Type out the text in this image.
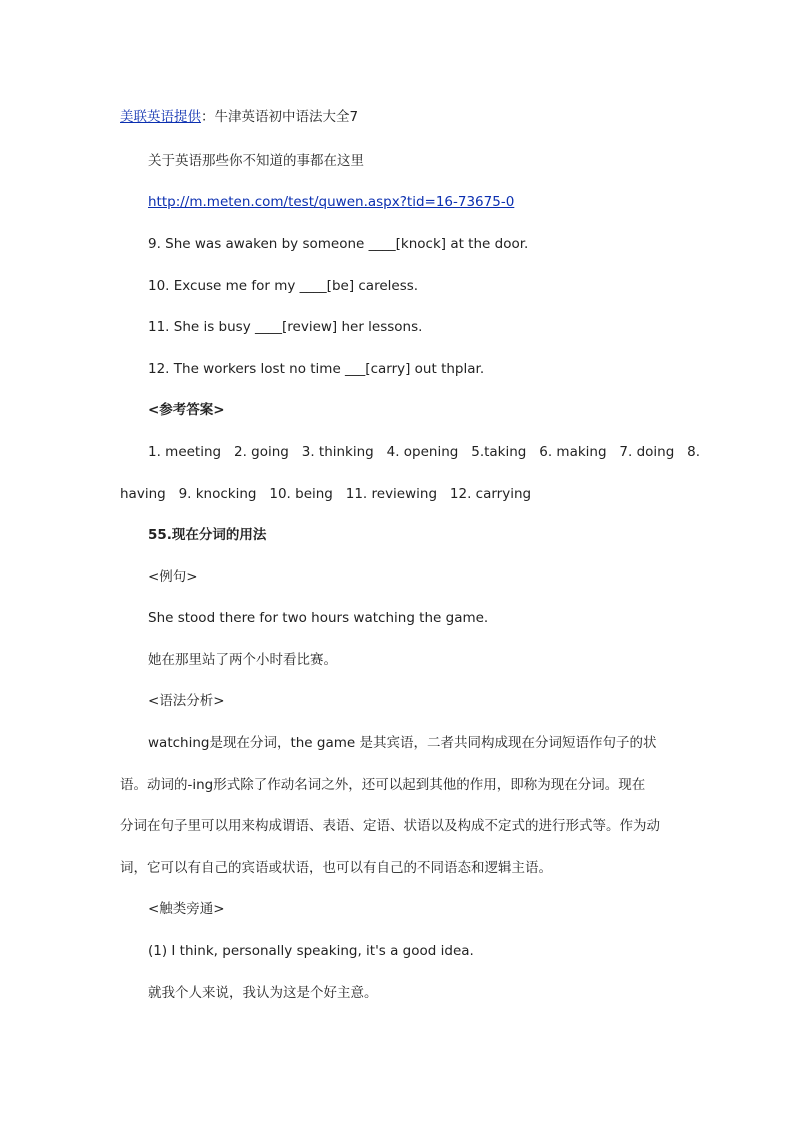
美联英语提供：牛津英语初中语法大全7
关于英语那些你不知道的事都在这里
http://m.meten.com/test/quwen.aspx?tid=16-73675-0
9. She was awaken by someone ____[knock] at the door.
10. Excuse me for my ____[be] careless.
11. She is busy ____[review] her lessons.
12. The workers lost no time ___[carry] out thplar.
<参考答案>
1. meeting   2. going   3. thinking   4. opening   5.taking   6. making   7. doing   8.
having   9. knocking   10. being   11. reviewing   12. carrying
55.现在分词的用法
<例句>
She stood there for two hours watching the game.
她在那里站了两个小时看比赛。
<语法分析>
watching是现在分词，the game 是其宾语，二者共同构成现在分词短语作句子的状
语。动词的-ing形式除了作动名词之外，还可以起到其他的作用，即称为现在分词。现在
分词在句子里可以用来构成谓语、表语、定语、状语以及构成不定式的进行形式等。作为动
词，它可以有自己的宾语或状语，也可以有自己的不同语态和逻辑主语。
<触类旁通>
(1) I think, personally speaking, it's a good idea.
就我个人来说，我认为这是个好主意。
